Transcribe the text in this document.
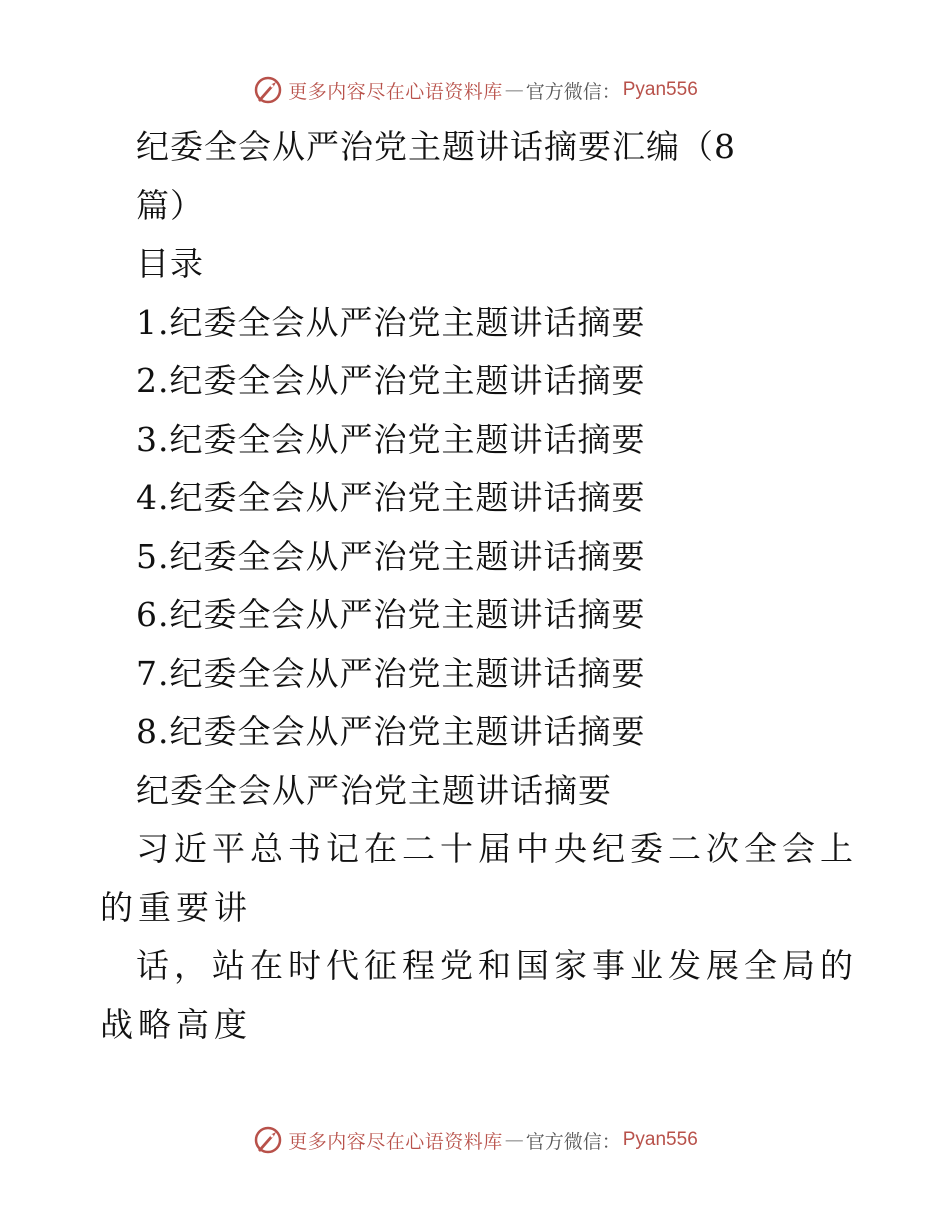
更多内容尽在心语资料库 — 官方微信： Pyan556
纪委全会从严治党主题讲话摘要汇编（8
篇）
目录
1.纪委全会从严治党主题讲话摘要
2.纪委全会从严治党主题讲话摘要
3.纪委全会从严治党主题讲话摘要
4.纪委全会从严治党主题讲话摘要
5.纪委全会从严治党主题讲话摘要
6.纪委全会从严治党主题讲话摘要
7.纪委全会从严治党主题讲话摘要
8.纪委全会从严治党主题讲话摘要
纪委全会从严治党主题讲话摘要
习近平总书记在二十届中央纪委二次全会上的重要讲
话，站在时代征程党和国家事业发展全局的战略高度
更多内容尽在心语资料库 — 官方微信： Pyan556
